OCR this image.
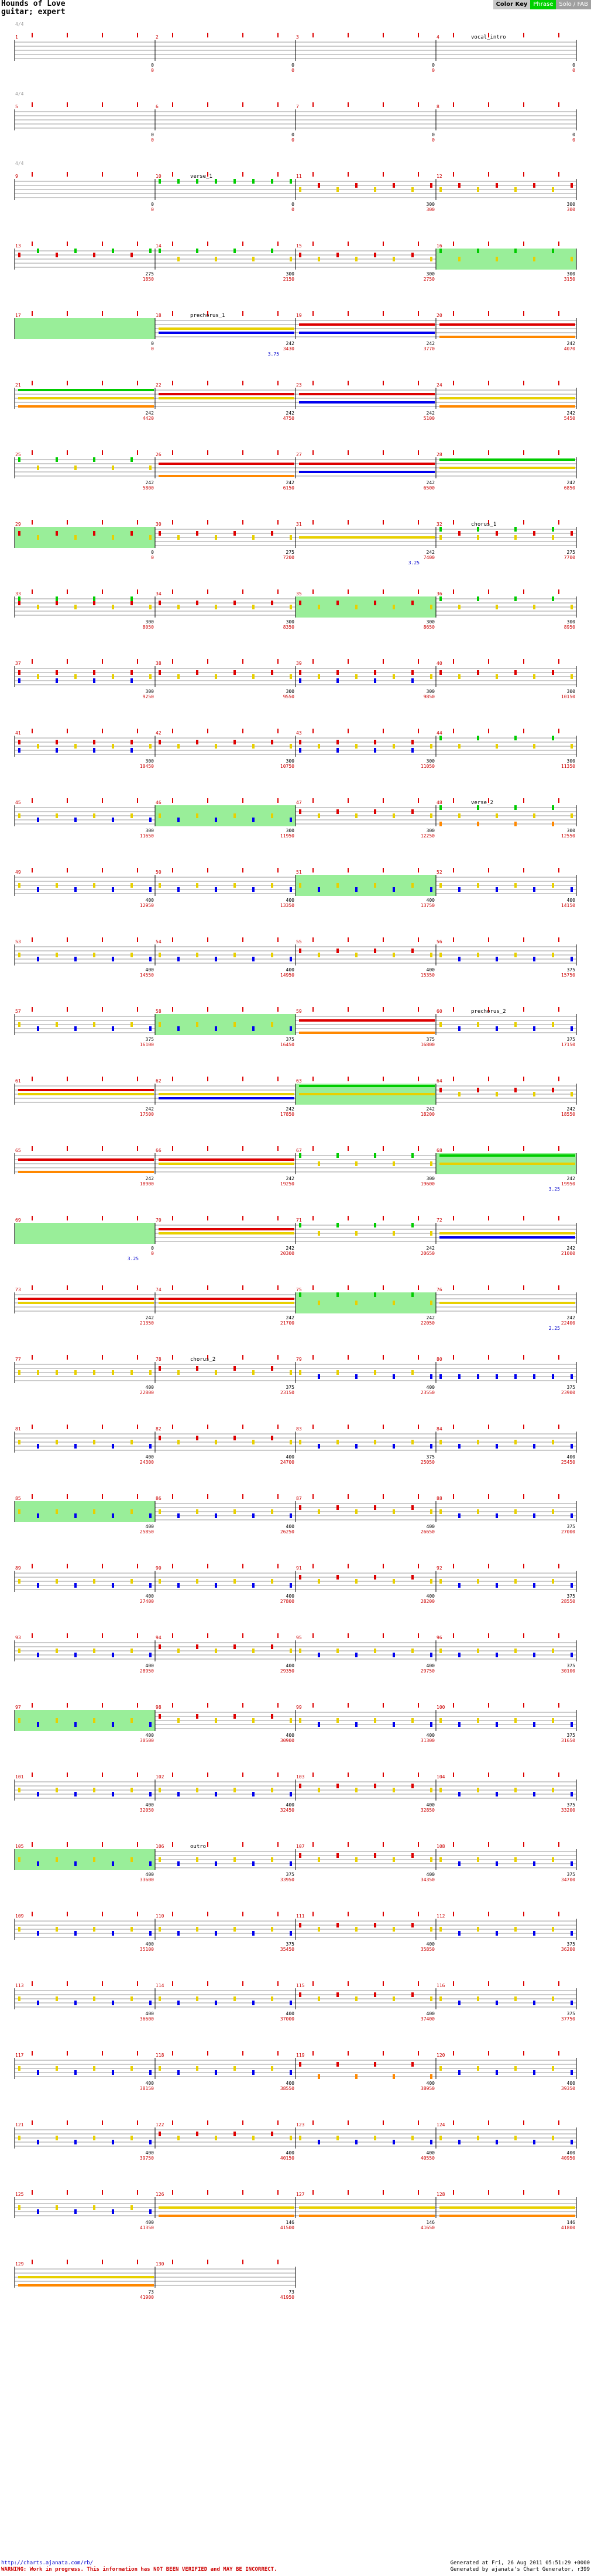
Hounds of Love
guitar; expert
Color Key	Phrase	Solo / FAB
1
4/4
0
0
2
0
0
3
0
0
4	vocal_intro
0
0
5
4/4
0
0
6
0
0
7
0
0
8
0
0
9
4/4
0
0
10	verse_1
0
0
11
300
300
12
300
300
13
275
1850
14
300
2150
15
300
2750
16
300
3150
17
0
0
18	prechorus_1
242
3430
3.75
19
242
3770
20
242
4070
21
242
4420
22
242
4750
23
242
5100
24
242
5450
25
242
5800
26
242
6150
27
242
6500
28
242
6850
29
0
0
30
275
7200
31
242
7400
3.25
32	chorus_1
275
7700
33
300
8050
34
300
8350
35
300
8650
36
300
8950
37
300
9250
38
300
9550
39
300
9850
40
300
10150
41
300
10450
42
300
10750
43
300
11050
44
300
11350
45
300
11650
46
300
11950
47
300
12250
48	verse_2
300
12550
49
400
12950
50
400
13350
51
400
13750
52
400
14150
53
400
14550
54
400
14950
55
400
15350
56
375
15750
57
375
16100
58
375
16450
59
375
16800
60	prechorus_2
375
17150
61
242
17500
62
242
17850
63
242
18200
64
242
18550
65
242
18900
66
242
19250
67
300
19600
68
242
19950
3.25
69
0
0
3.25
70
242
20300
71
242
20650
72
242
21000
73
242
21350
74
242
21700
75
242
22050
76
242
22400
2.25
77
400
22800
78	chorus_2
375
23150
79
400
23550
80
375
23900
81
400
24300
82
400
24700
83
375
25050
84
400
25450
85
400
25850
86
400
26250
87
400
26650
88
375
27000
89
400
27400
90
400
27800
91
400
28200
92
375
28550
93
400
28950
94
400
29350
95
400
29750
96
375
30100
97
400
30500
98
400
30900
99
400
31300
100
375
31650
101
400
32050
102
400
32450
103
400
32850
104
375
33200
105
400
33600
106	outro
375
33950
107
400
34350
108
375
34700
109
400
35100
110
375
35450
111
400
35850
112
375
36200
113
400
36600
114
400
37000
115
400
37400
116
375
37750
117
400
38150
118
400
38550
119
400
38950
120
400
39350
121
400
39750
122
400
40150
123
400
40550
124
400
40950
125
400
41350
126
146
41500
127
146
41650
128
146
41800
129
73
41900
130
73
41950
http://charts.ajanata.com/rb/
WARNING: Work in progress. This information has NOT BEEN VERIFIED and MAY BE INCORRECT.
Generated at Fri, 26 Aug 2011 05:51:29 +0000
Generated by ajanata's Chart Generator, r399
